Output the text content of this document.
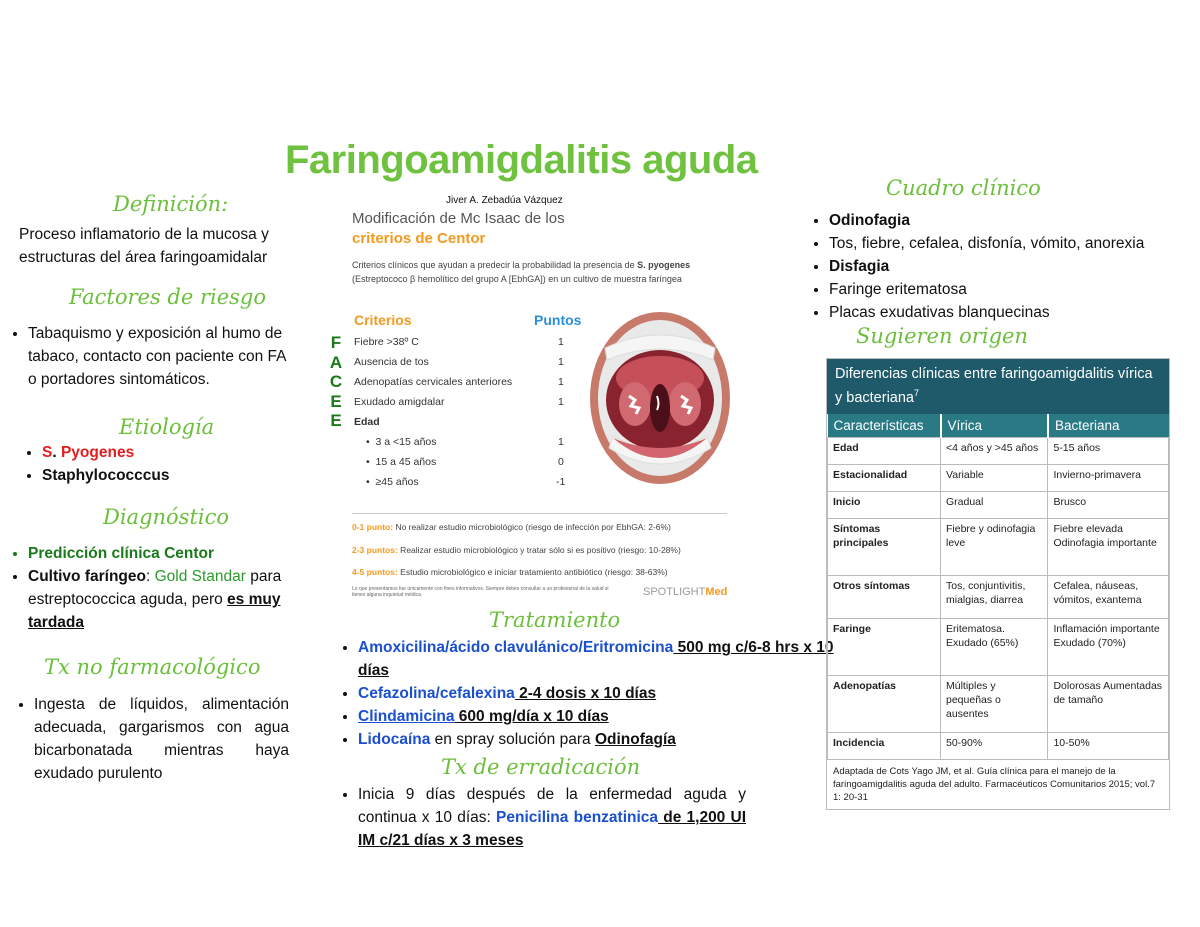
Faringoamigdalitis aguda
Jiver A. Zebadúa Vázquez
Definición:
Proceso inflamatorio de la mucosa y estructuras del área faringoamidalar
Factores de riesgo
• Tabaquismo y exposición al humo de tabaco, contacto con paciente con FA o portadores sintomáticos.
Etiología
• S. Pyogenes
• Staphylococccus
Diagnóstico
• Predicción clínica Centor
• Cultivo faríngeo: Gold Standar para estreptococcica aguda, pero es muy tardada
Tx no farmacológico
• Ingesta de líquidos, alimentación adecuada, gargarismos con agua bicarbonatada mientras haya exudado purulento
Modificación de Mc Isaac de los
criterios de Centor
Criterios clínicos que ayudan a predecir la probabilidad la presencia de S. pyogenes
(Estreptococo β hemolítico del grupo A [EbhGA]) en un cultivo de muestra faríngea
Criterios	Puntos
F
A
C
E
E
Fiebre >38º C	1
Ausencia de tos	1
Adenopatías cervicales anteriores	1
Exudado amigdalar	1
Edad
•  3 a <15 años	1
•  15 a 45 años	0
•  ≥45 años	-1
0-1 punto: No realizar estudio microbiológico (riesgo de infección por EbhGA: 2-6%)
2-3 puntos: Realizar estudio microbiológico y tratar sólo si es positivo (riesgo: 10-28%)
4-5 puntos: Estudio microbiológico e iniciar tratamiento antibiótico (riesgo: 38-63%)
Lo que presentamos fue únicamente con fines informativos. Siempre debes consultar a un profesional de la salud si tienes alguna inquietud médica.	SPOTLIGHTMed
Tratamiento
• Amoxicilina/ácido clavulánico/Eritromicina 500 mg c/6-8 hrs x 10 días
• Cefazolina/cefalexina 2-4 dosis x 10 días
• Clindamicina 600 mg/día x 10 días
• Lidocaína en spray solución para Odinofagía
Tx de erradicación
• Inicia 9 días después de la enfermedad aguda y continua x 10 días: Penicilina benzatinica de 1,200 UI IM c/21 días x 3 meses
Cuadro clínico
• Odinofagia
• Tos, fiebre, cefalea, disfonía, vómito, anorexia
• Disfagia
• Faringe eritematosa
• Placas exudativas blanquecinas
Sugieren origen
Diferencias clínicas entre faringoamigdalitis vírica y bacteriana$^7$
Características	Vírica	Bacteriana
Edad	<4 años y >45 años	5-15 años
Estacionalidad	Variable	Invierno-primavera
Inicio	Gradual	Brusco
Síntomas principales	Fiebre y odinofagia leve	Fiebre elevada Odinofagia importante
Otros síntomas	Tos, conjuntivitis, mialgias, diarrea	Cefalea, náuseas, vómitos, exantema
Faringe	Eritematosa. Exudado (65%)	Inflamación importante Exudado (70%)
Adenopatías	Múltiples y pequeñas o ausentes	Dolorosas Aumentadas de tamaño
Incidencia	50-90%	10-50%
Adaptada de Cots Yago JM, et al. Guía clínica para el manejo de la faringoamigdalitis aguda del adulto. Farmacéuticos Comunitarios 2015; vol.7 1: 20-31
